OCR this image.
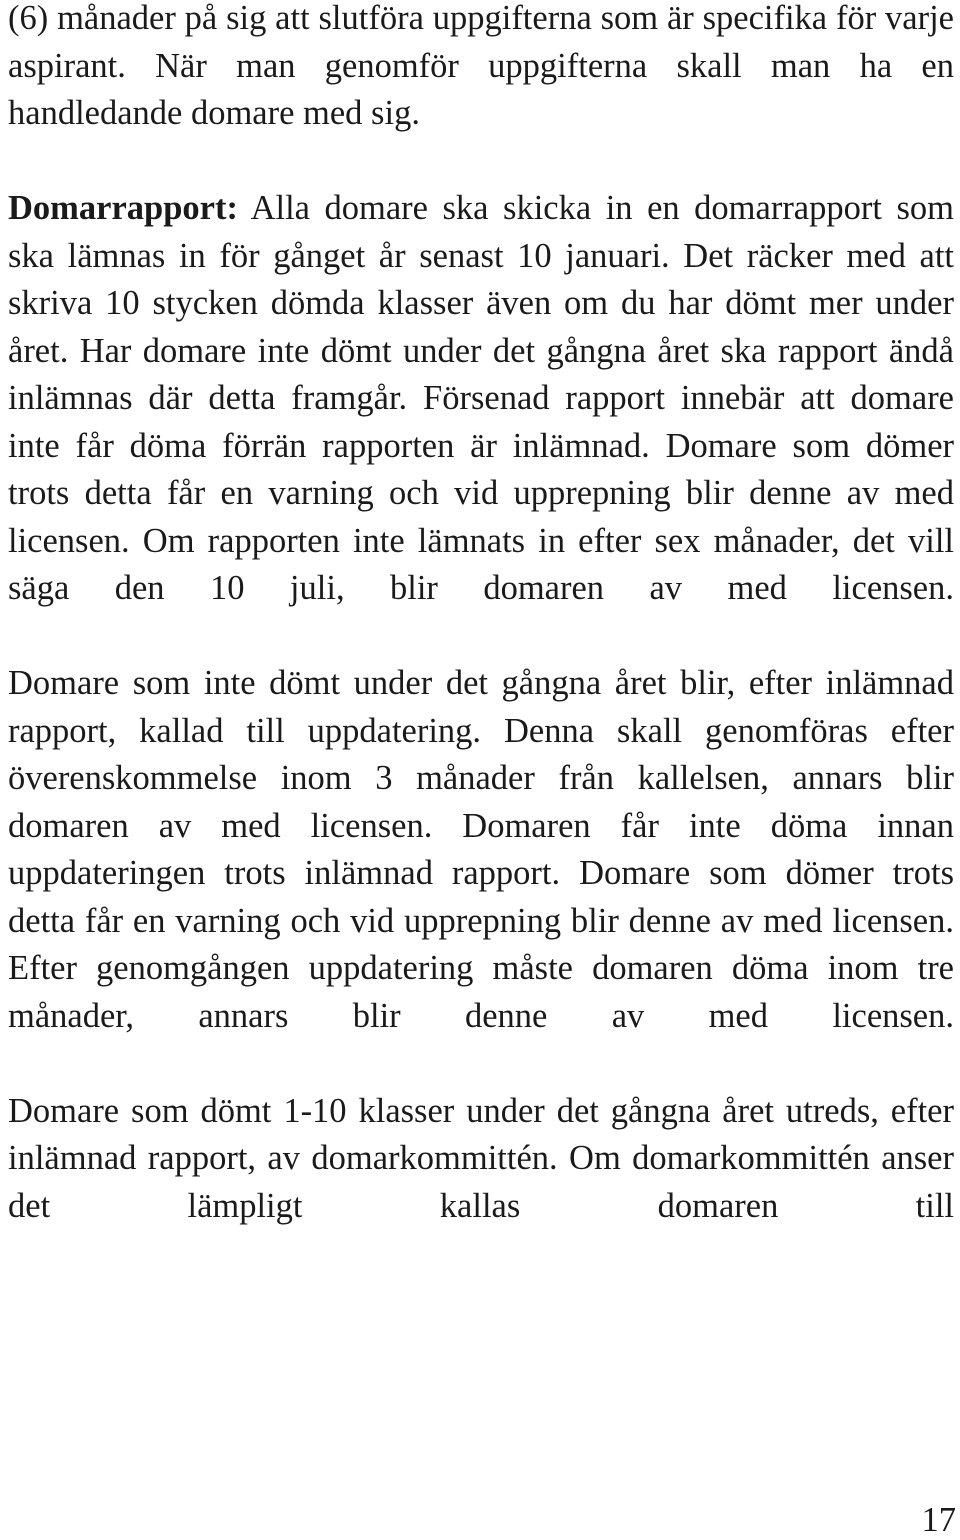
(6) månader på sig att slutföra uppgifterna som är specifika för varje aspirant. När man genomför uppgifterna skall man ha en handledande domare med sig.

Domarrapport: Alla domare ska skicka in en domarrapport som ska lämnas in för gånget år senast 10 januari. Det räcker med att skriva 10 stycken dömda klasser även om du har dömt mer under året. Har domare inte dömt under det gångna året ska rapport ändå inlämnas där detta framgår. Försenad rapport innebär att domare inte får döma förrän rapporten är inlämnad. Domare som dömer trots detta får en varning och vid upprepning blir denne av med licensen. Om rapporten inte lämnats in efter sex månader, det vill säga den 10 juli, blir domaren av med licensen.

Domare som inte dömt under det gångna året blir, efter inlämnad rapport, kallad till uppdatering. Denna skall genomföras efter överenskommelse inom 3 månader från kallelsen, annars blir domaren av med licensen. Domaren får inte döma innan uppdateringen trots inlämnad rapport. Domare som dömer trots detta får en varning och vid upprepning blir denne av med licensen. Efter genomgången uppdatering måste domaren döma inom tre månader, annars blir denne av med licensen.

Domare som dömt 1-10 klasser under det gångna året utreds, efter inlämnad rapport, av domarkommittén. Om domarkommittén anser det lämpligt kallas domaren till

17
